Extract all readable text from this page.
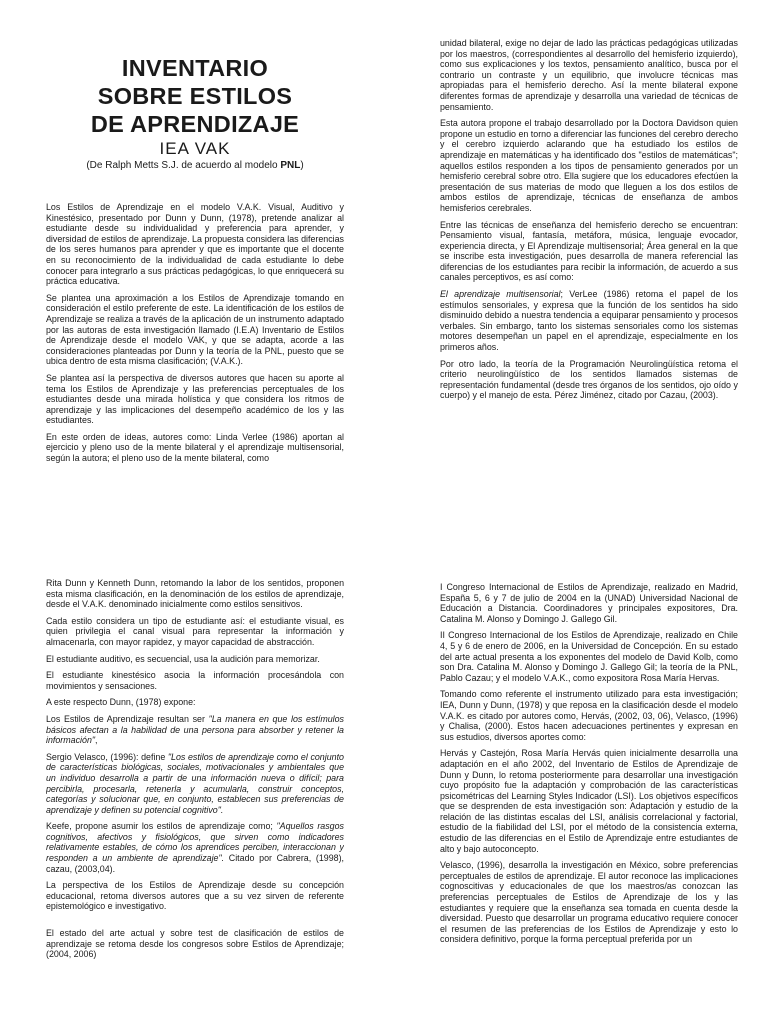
INVENTARIO
SOBRE ESTILOS
DE APRENDIZAJE
IEA VAK
(De Ralph Metts S.J. de acuerdo al modelo PNL)

Los Estilos de Aprendizaje en el modelo V.A.K. Visual, Auditivo y Kinestésico, presentado por Dunn y Dunn, (1978), pretende analizar al estudiante desde su individualidad y preferencia para aprender, y diversidad de estilos de aprendizaje. La propuesta considera las diferencias de los seres humanos para aprender y que es importante que el docente en su reconocimiento de la individualidad de cada estudiante lo debe conocer para integrarlo a sus prácticas pedagógicas, lo que enriquecerá su práctica educativa.

Se plantea una aproximación a los Estilos de Aprendizaje tomando en consideración el estilo preferente de este. La identificación de los estilos de Aprendizaje se realiza a través de la aplicación de un instrumento adaptado por las autoras de esta investigación llamado (I.E.A) Inventario de Estilos de Aprendizaje desde el modelo VAK, y que se adapta, acorde a las consideraciones planteadas por Dunn y la teoría de la PNL, puesto que se ubica dentro de esta misma clasificación; (V.A.K.).

Se plantea así la perspectiva de diversos autores que hacen su aporte al tema los Estilos de Aprendizaje y las preferencias perceptuales de los estudiantes desde una mirada holística y que considera los ritmos de aprendizaje y las implicaciones del desempeño académico de los y las estudiantes.

En este orden de ideas, autores como: Linda Verlee (1986) aportan al ejercicio y pleno uso de la mente bilateral y el aprendizaje multisensorial, según la autora; el pleno uso de la mente bilateral, como

unidad bilateral, exige no dejar de lado las prácticas pedagógicas utilizadas por los maestros, (correspondientes al desarrollo del hemisferio izquierdo), como sus explicaciones y los textos, pensamiento analítico, busca por el contrario un contraste y un equilibrio, que involucre técnicas mas apropiadas para el hemisferio derecho. Así la mente bilateral expone diferentes formas de aprendizaje y desarrolla una variedad de técnicas de pensamiento.

Esta autora propone el trabajo desarrollado por la Doctora Davidson quien propone un estudio en torno a diferenciar las funciones del cerebro derecho y el cerebro izquierdo aclarando que ha estudiado los estilos de aprendizaje en matemáticas y ha identificado dos "estilos de matemáticas"; aquellos estilos responden a los tipos de pensamiento generados por un hemisferio cerebral sobre otro. Ella sugiere que los educadores efectúen la presentación de sus materias de modo que lleguen a los dos estilos de ambos estilos de aprendizaje, técnicas de enseñanza de ambos hemisferios cerebrales.

Entre las técnicas de enseñanza del hemisferio derecho se encuentran: Pensamiento visual, fantasía, metáfora, música, lenguaje evocador, experiencia directa, y El Aprendizaje multisensorial; Área general en la que se inscribe esta investigación, pues desarrolla de manera referencial las diferencias de los estudiantes para recibir la información, de acuerdo a sus canales perceptivos, es así como:

El aprendizaje multisensorial; VerLee (1986) retoma el papel de los estímulos sensoriales, y expresa que la función de los sentidos ha sido disminuido debido a nuestra tendencia a equiparar pensamiento y procesos verbales. Sin embargo, tanto los sistemas sensoriales como los sistemas motores desempeñan un papel en el aprendizaje, especialmente en los primeros años.

Por otro lado, la teoría de la Programación Neurolingüística retoma el criterio neurolingüístico de los sentidos llamados sistemas de representación fundamental (desde tres órganos de los sentidos, ojo oído y cuerpo) y el manejo de esta. Pérez Jiménez, citado por Cazau, (2003).

Rita Dunn y Kenneth Dunn, retomando la labor de los sentidos, proponen esta misma clasificación, en la denominación de los estilos de aprendizaje, desde el V.A.K. denominado inicialmente como estilos sensitivos.

Cada estilo considera un tipo de estudiante así: el estudiante visual, es quien privilegia el canal visual para representar la información y almacenarla, con mayor rapidez, y mayor capacidad de abstracción.

El estudiante auditivo, es secuencial, usa la audición para memorizar.

El estudiante kinestésico asocia la información procesándola con movimientos y sensaciones.

A este respecto Dunn, (1978) expone:

Los Estilos de Aprendizaje resultan ser "La manera en que los estímulos básicos afectan a la habilidad de una persona para absorber y retener la información",

Sergio Velasco, (1996): define "Los estilos de aprendizaje como el conjunto de características biológicas, sociales, motivacionales y ambientales que un individuo desarrolla a partir de una información nueva o difícil; para percibirla, procesarla, retenerla y acumularla, construir conceptos, categorías y solucionar que, en conjunto, establecen sus preferencias de aprendizaje y definen su potencial cognitivo".

Keefe, propone asumir los estilos de aprendizaje como; "Aquellos rasgos cognitivos, afectivos y fisiológicos, que sirven como indicadores relativamente estables, de cómo los aprendices perciben, interaccionan y responden a un ambiente de aprendizaje". Citado por Cabrera, (1998), cazau, (2003,04).

La perspectiva de los Estilos de Aprendizaje desde su concepción educacional, retoma diversos autores que a su vez sirven de referente epistemológico e investigativo.

El estado del arte actual y sobre test de clasificación de estilos de aprendizaje se retoma desde los congresos sobre Estilos de Aprendizaje; (2004, 2006)

I Congreso Internacional de Estilos de Aprendizaje, realizado en Madrid, España 5, 6 y 7 de julio de 2004 en la (UNAD) Universidad Nacional de Educación a Distancia. Coordinadores y principales expositores, Dra. Catalina M. Alonso y Domingo J. Gallego Gil.

II Congreso Internacional de los Estilos de Aprendizaje, realizado en Chile 4, 5 y 6 de enero de 2006, en la Universidad de Concepción. En su estado del arte actual presenta a los exponentes del modelo de David Kolb, como son Dra. Catalina M. Alonso y Domingo J. Gallego Gil; la teoría de la PNL, Pablo Cazau; y el modelo V.A.K., como expositora Rosa María Hervas.

Tomando como referente el instrumento utilizado para esta investigación; IEA, Dunn y Dunn, (1978) y que reposa en la clasificación desde el modelo V.A.K. es citado por autores como, Hervás, (2002, 03, 06), Velasco, (1996) y Chalisa, (2000). Estos hacen adecuaciones pertinentes y expresan en sus estudios, diversos aportes como:

Hervás y Castejón, Rosa María Hervás quien inicialmente desarrolla una adaptación en el año 2002, del Inventario de Estilos de Aprendizaje de Dunn y Dunn, lo retoma posteriormente para desarrollar una investigación cuyo propósito fue la adaptación y comprobación de las características psicométricas del Learning Styles Indicador (LSI). Los objetivos específicos que se desprenden de esta investigación son: Adaptación y estudio de la relación de las distintas escalas del LSI, análisis correlacional y factorial, estudio de la fiabilidad del LSI, por el método de la consistencia externa, estudio de las diferencias en el Estilo de Aprendizaje entre estudiantes de alto y bajo autoconcepto.

Velasco, (1996), desarrolla la investigación en México, sobre preferencias perceptuales de estilos de aprendizaje. El autor reconoce las implicaciones cognoscitivas y educacionales de que los maestros/as conozcan las preferencias perceptuales de Estilos de Aprendizaje de los y las estudiantes y requiere que la enseñanza sea tomada en cuenta desde la diversidad. Puesto que desarrollar un programa educativo requiere conocer el resumen de las preferencias de los Estilos de Aprendizaje y esto lo considera definitivo, porque la forma perceptual preferida por un
